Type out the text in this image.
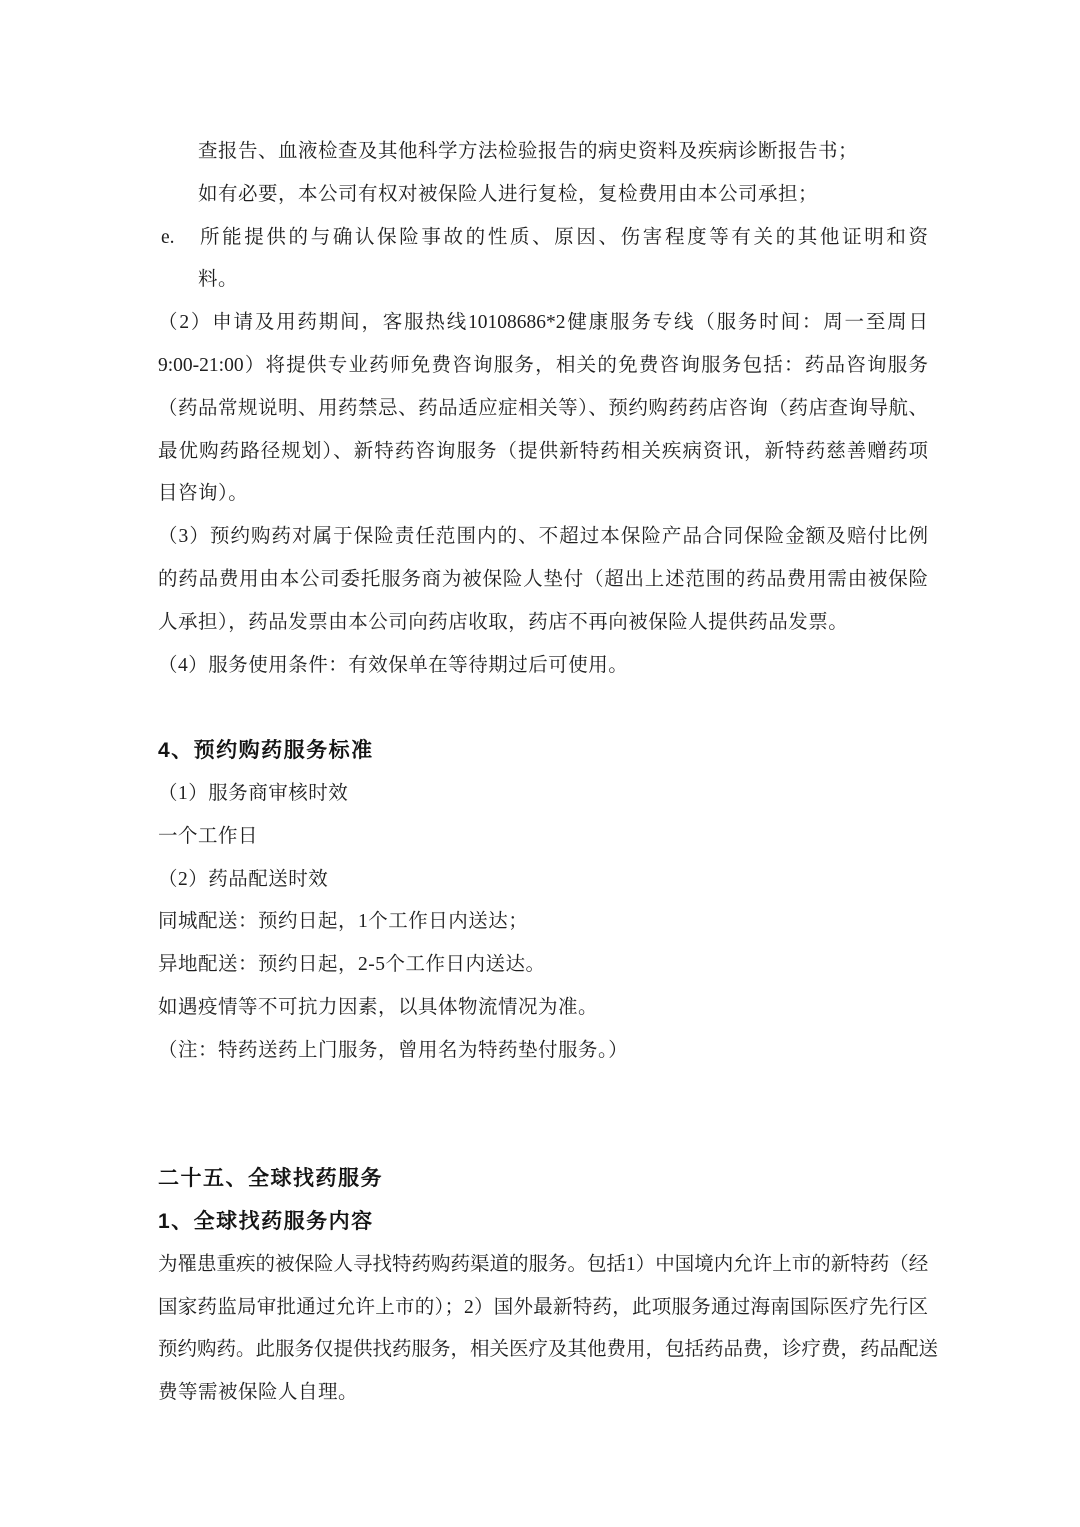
查报告、血液检查及其他科学方法检验报告的病史资料及疾病诊断报告书；
如有必要，本公司有权对被保险人进行复检，复检费用由本公司承担；
e. 所能提供的与确认保险事故的性质、原因、伤害程度等有关的其他证明和资
料。
（2）申请及用药期间，客服热线10108686*2健康服务专线（服务时间：周一至周日
9:00-21:00）将提供专业药师免费咨询服务，相关的免费咨询服务包括：药品咨询服务
（药品常规说明、用药禁忌、药品适应症相关等）、预约购药药店咨询（药店查询导航、
最优购药路径规划）、新特药咨询服务（提供新特药相关疾病资讯，新特药慈善赠药项
目咨询）。
（3）预约购药对属于保险责任范围内的、不超过本保险产品合同保险金额及赔付比例
的药品费用由本公司委托服务商为被保险人垫付（超出上述范围的药品费用需由被保险
人承担），药品发票由本公司向药店收取，药店不再向被保险人提供药品发票。
（4）服务使用条件：有效保单在等待期过后可使用。
4、预约购药服务标准
（1）服务商审核时效
一个工作日
（2）药品配送时效
同城配送：预约日起，1个工作日内送达；
异地配送：预约日起，2-5个工作日内送达。
如遇疫情等不可抗力因素，以具体物流情况为准。
（注：特药送药上门服务，曾用名为特药垫付服务。）
二十五、全球找药服务
1、全球找药服务内容
为罹患重疾的被保险人寻找特药购药渠道的服务。包括1）中国境内允许上市的新特药（经
国家药监局审批通过允许上市的）；2）国外最新特药，此项服务通过海南国际医疗先行区
预约购药。此服务仅提供找药服务，相关医疗及其他费用，包括药品费，诊疗费，药品配送
费等需被保险人自理。
